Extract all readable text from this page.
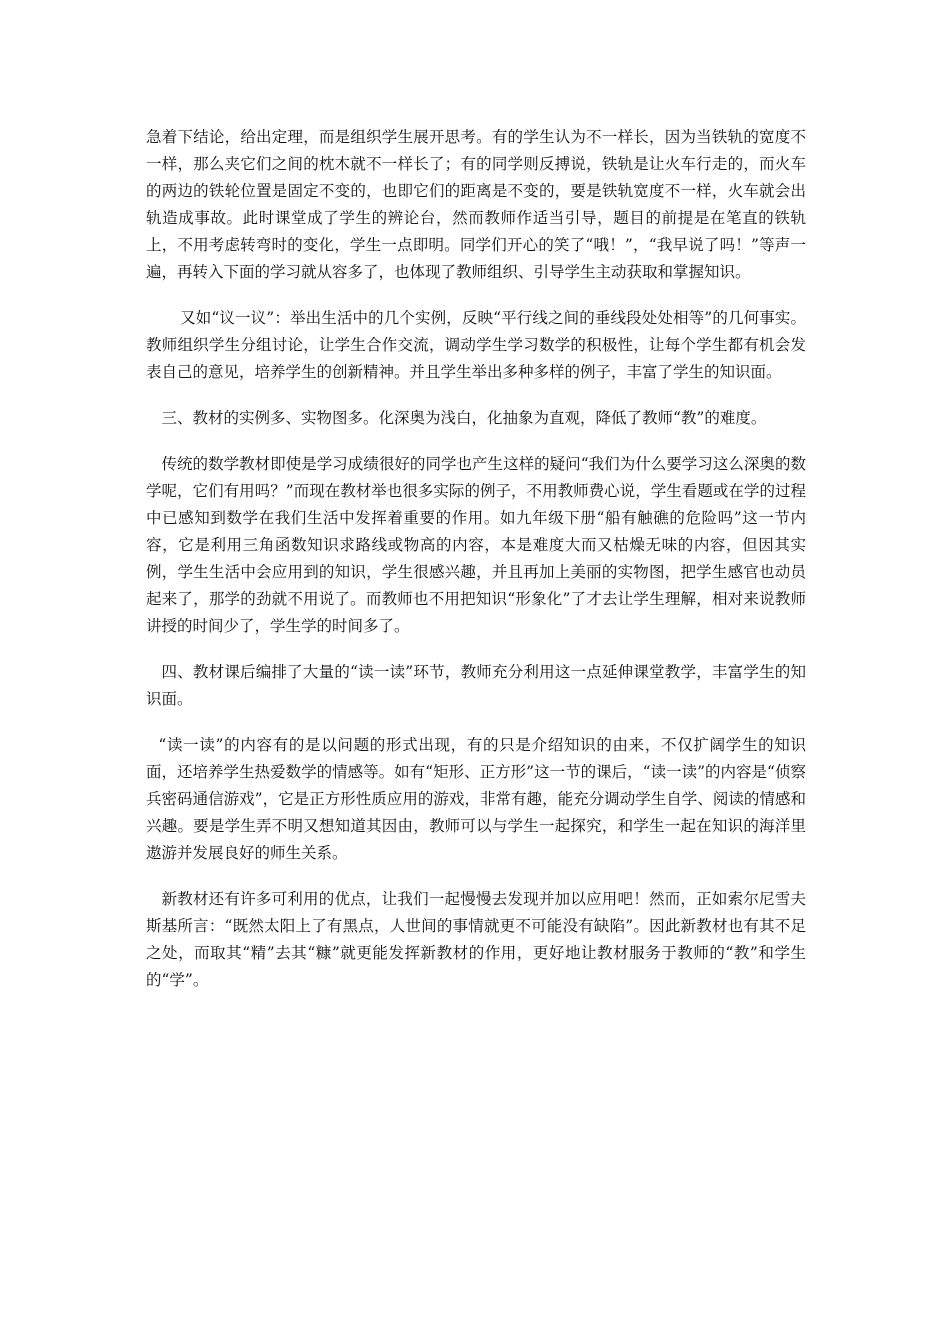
急着下结论，给出定理，而是组织学生展开思考。有的学生认为不一样长，因为当铁轨的宽度不一样，那么夹它们之间的枕木就不一样长了；有的同学则反搏说，铁轨是让火车行走的，而火车的两边的铁轮位置是固定不变的，也即它们的距离是不变的，要是铁轨宽度不一样，火车就会出轨造成事故。此时课堂成了学生的辨论台，然而教师作适当引导，题目的前提是在笔直的铁轨上，不用考虑转弯时的变化，学生一点即明。同学们开心的笑了“哦！”，“我早说了吗！”等声一遍，再转入下面的学习就从容多了，也体现了教师组织、引导学生主动获取和掌握知识。

又如“议一议”：举出生活中的几个实例，反映“平行线之间的垂线段处处相等”的几何事实。教师组织学生分组讨论，让学生合作交流，调动学生学习数学的积极性，让每个学生都有机会发表自己的意见，培养学生的创新精神。并且学生举出多种多样的例子，丰富了学生的知识面。

三、教材的实例多、实物图多。化深奥为浅白，化抽象为直观，降低了教师“教”的难度。

传统的数学教材即使是学习成绩很好的同学也产生这样的疑问“我们为什么要学习这么深奥的数学呢，它们有用吗？”而现在教材举也很多实际的例子，不用教师费心说，学生看题或在学的过程中已感知到数学在我们生活中发挥着重要的作用。如九年级下册“船有触礁的危险吗”这一节内容，它是利用三角函数知识求路线或物高的内容，本是难度大而又枯燥无味的内容，但因其实例，学生生活中会应用到的知识，学生很感兴趣，并且再加上美丽的实物图，把学生感官也动员起来了，那学的劲就不用说了。而教师也不用把知识“形象化”了才去让学生理解，相对来说教师讲授的时间少了，学生学的时间多了。

四、教材课后编排了大量的“读一读”环节，教师充分利用这一点延伸课堂教学，丰富学生的知识面。

“读一读”的内容有的是以问题的形式出现，有的只是介绍知识的由来，不仅扩阔学生的知识面，还培养学生热爱数学的情感等。如有“矩形、正方形”这一节的课后，“读一读”的内容是“侦察兵密码通信游戏”，它是正方形性质应用的游戏，非常有趣，能充分调动学生自学、阅读的情感和兴趣。要是学生弄不明又想知道其因由，教师可以与学生一起探究，和学生一起在知识的海洋里遨游并发展良好的师生关系。

新教材还有许多可利用的优点，让我们一起慢慢去发现并加以应用吧！然而，正如索尔尼雪夫斯基所言：“既然太阳上了有黑点，人世间的事情就更不可能没有缺陷”。因此新教材也有其不足之处，而取其“精”去其“糠”就更能发挥新教材的作用，更好地让教材服务于教师的“教”和学生的“学”。
